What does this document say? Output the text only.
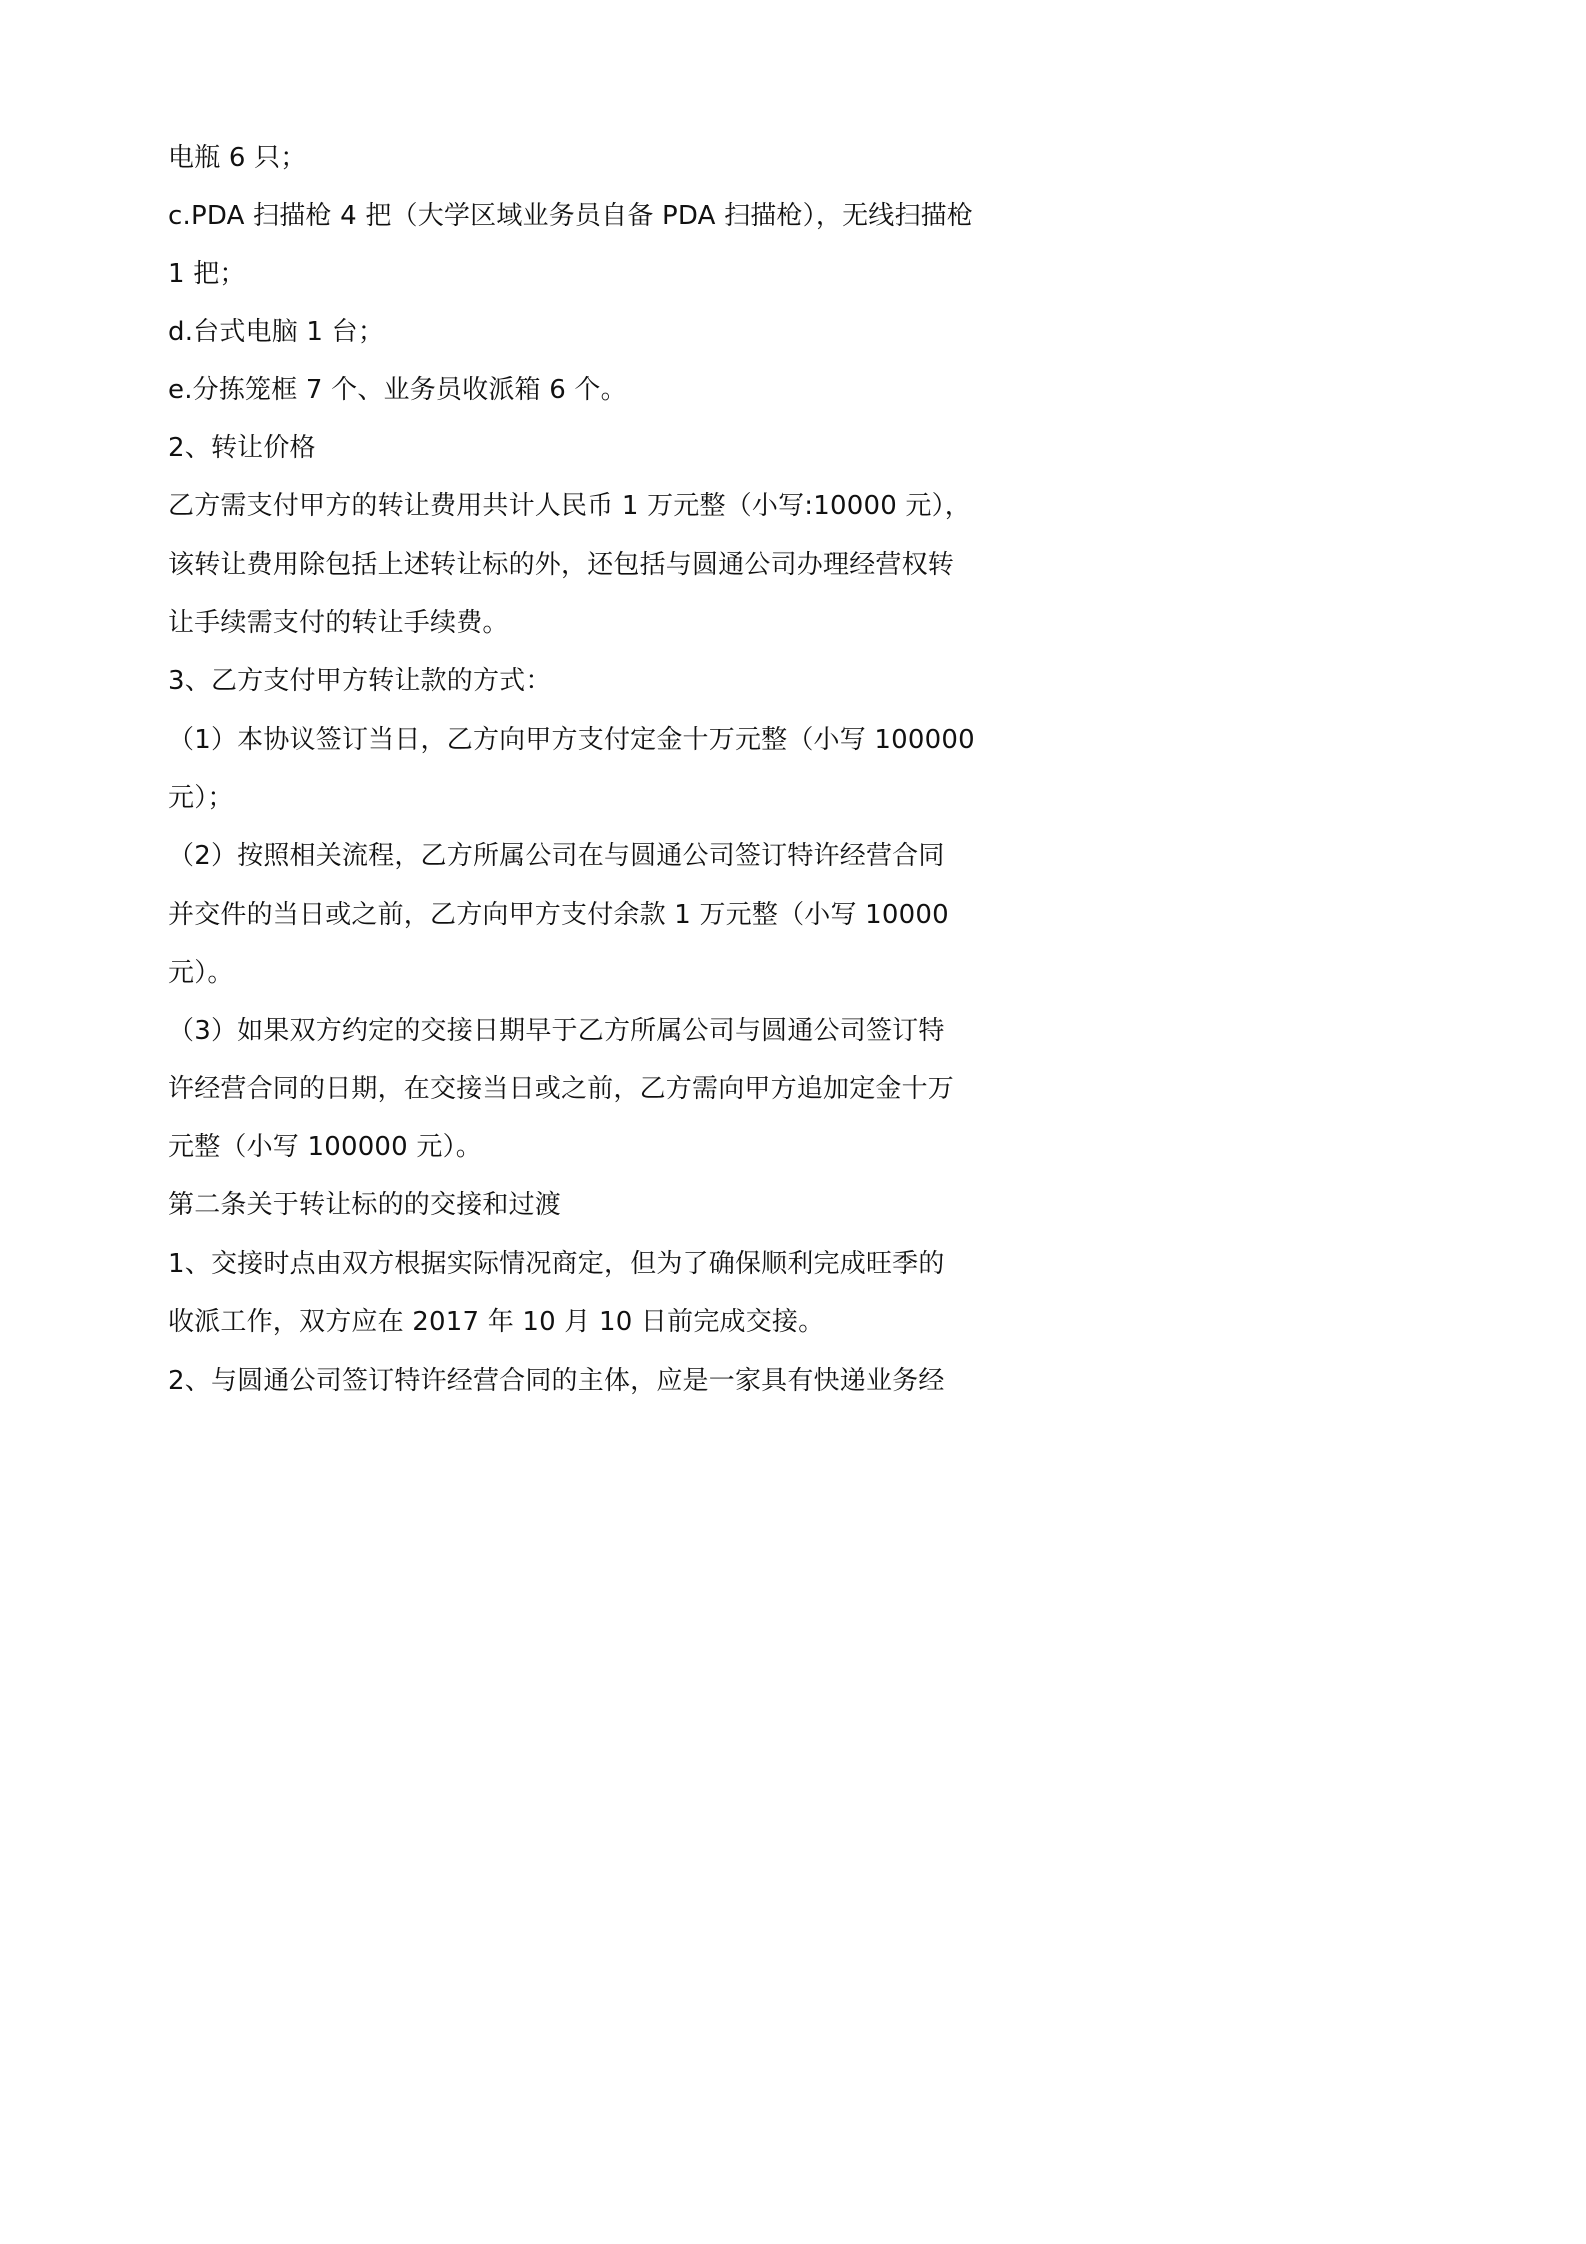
电瓶 6 只；
c.PDA 扫描枪 4 把（大学区域业务员自备 PDA 扫描枪），无线扫描枪
1 把；
d.台式电脑 1 台；
e.分拣笼框 7 个、业务员收派箱 6 个。
2、转让价格
乙方需支付甲方的转让费用共计人民币 1 万元整（小写:10000 元），
该转让费用除包括上述转让标的外，还包括与圆通公司办理经营权转
让手续需支付的转让手续费。
3、乙方支付甲方转让款的方式：
（1）本协议签订当日，乙方向甲方支付定金十万元整（小写 100000
元）；
（2）按照相关流程，乙方所属公司在与圆通公司签订特许经营合同
并交件的当日或之前，乙方向甲方支付余款 1 万元整（小写 10000
元）。
（3）如果双方约定的交接日期早于乙方所属公司与圆通公司签订特
许经营合同的日期，在交接当日或之前，乙方需向甲方追加定金十万
元整（小写 100000 元）。
第二条关于转让标的的交接和过渡
1、交接时点由双方根据实际情况商定，但为了确保顺利完成旺季的
收派工作，双方应在 2017 年 10 月 10 日前完成交接。
2、与圆通公司签订特许经营合同的主体，应是一家具有快递业务经
